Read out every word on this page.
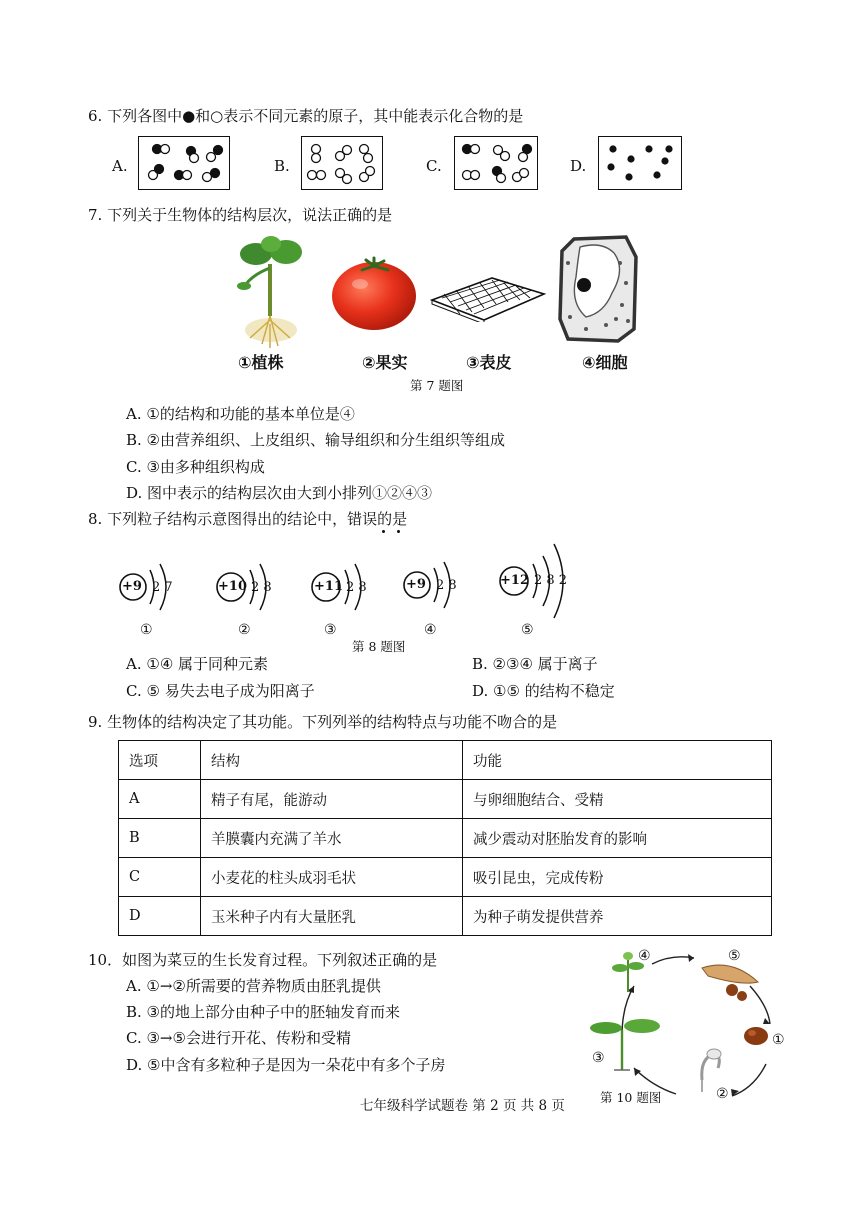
6. 下列各图中●和○表示不同元素的原子，其中能表示化合物的是
A.	B.	C.	D.
7. 下列关于生物体的结构层次，说法正确的是
①植株	②果实	③表皮	④细胞
第 7 题图
A. ①的结构和功能的基本单位是④
B. ②由营养组织、上皮组织、输导组织和分生组织等组成
C. ③由多种组织构成
D. 图中表示的结构层次由大到小排列①②④③
8. 下列粒子结构示意图得出的结论中，错误的是
+9 2 7
①
+10 2 8
②
+11 2 8
③
+9 2 8
④
+12 2 8 2
⑤
第 8 题图
A. ①④ 属于同种元素	B. ②③④ 属于离子
C. ⑤ 易失去电子成为阳离子	D. ①⑤ 的结构不稳定
9. 生物体的结构决定了其功能。下列列举的结构特点与功能不吻合的是
选项	结构	功能
A	精子有尾，能游动	与卵细胞结合、受精
B	羊膜囊内充满了羊水	减少震动对胚胎发育的影响
C	小麦花的柱头成羽毛状	吸引昆虫，完成传粉
D	玉米种子内有大量胚乳	为种子萌发提供营养
10．如图为菜豆的生长发育过程。下列叙述正确的是
A. ①→②所需要的营养物质由胚乳提供
B. ③的地上部分由种子中的胚轴发育而来
C. ③→⑤会进行开花、传粉和受精
D. ⑤中含有多粒种子是因为一朵花中有多个子房
④	⑤
①
②
③
第 10 题图
七年级科学试题卷 第 2 页 共 8 页
